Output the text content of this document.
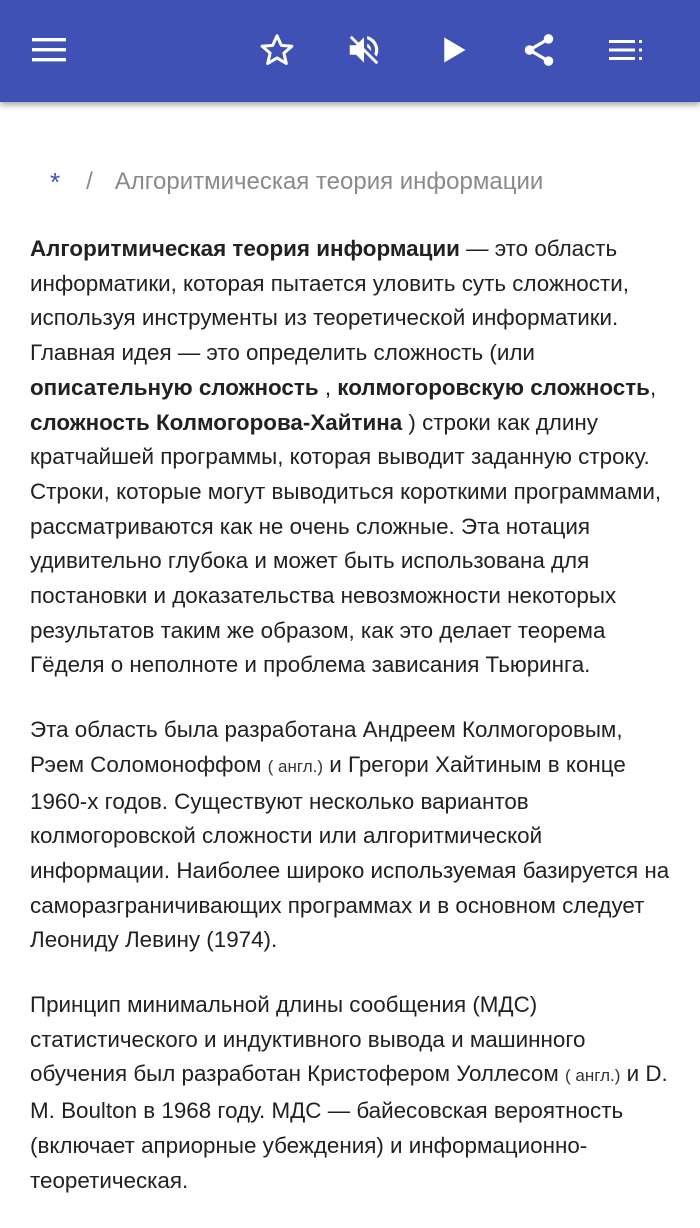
* / Алгоритмическая теория информации

Алгоритмическая теория информации — это область информатики, которая пытается уловить суть сложности, используя инструменты из теоретической информатики. Главная идея — это определить сложность (или описательную сложность , колмогоровскую сложность, сложность Колмогорова-Хайтина ) строки как длину кратчайшей программы, которая выводит заданную строку. Строки, которые могут выводиться короткими программами, рассматриваются как не очень сложные. Эта нотация удивительно глубока и может быть использована для постановки и доказательства невозможности некоторых результатов таким же образом, как это делает теорема Гёделя о неполноте и проблема зависания Тьюринга.

Эта область была разработана Андреем Колмогоровым, Рэем Соломоноффом ( англ.) и Грегори Хайтиным в конце 1960-х годов. Существуют несколько вариантов колмогоровской сложности или алгоритмической информации. Наиболее широко используемая базируется на саморазграничивающих программах и в основном следует Леониду Левину (1974).

Принцип минимальной длины сообщения (МДС) статистического и индуктивного вывода и машинного обучения был разработан Кристофером Уоллесом ( англ.) и D. M. Boulton в 1968 году. МДС — байесовская вероятность (включает априорные убеждения) и информационно-теоретическая.
